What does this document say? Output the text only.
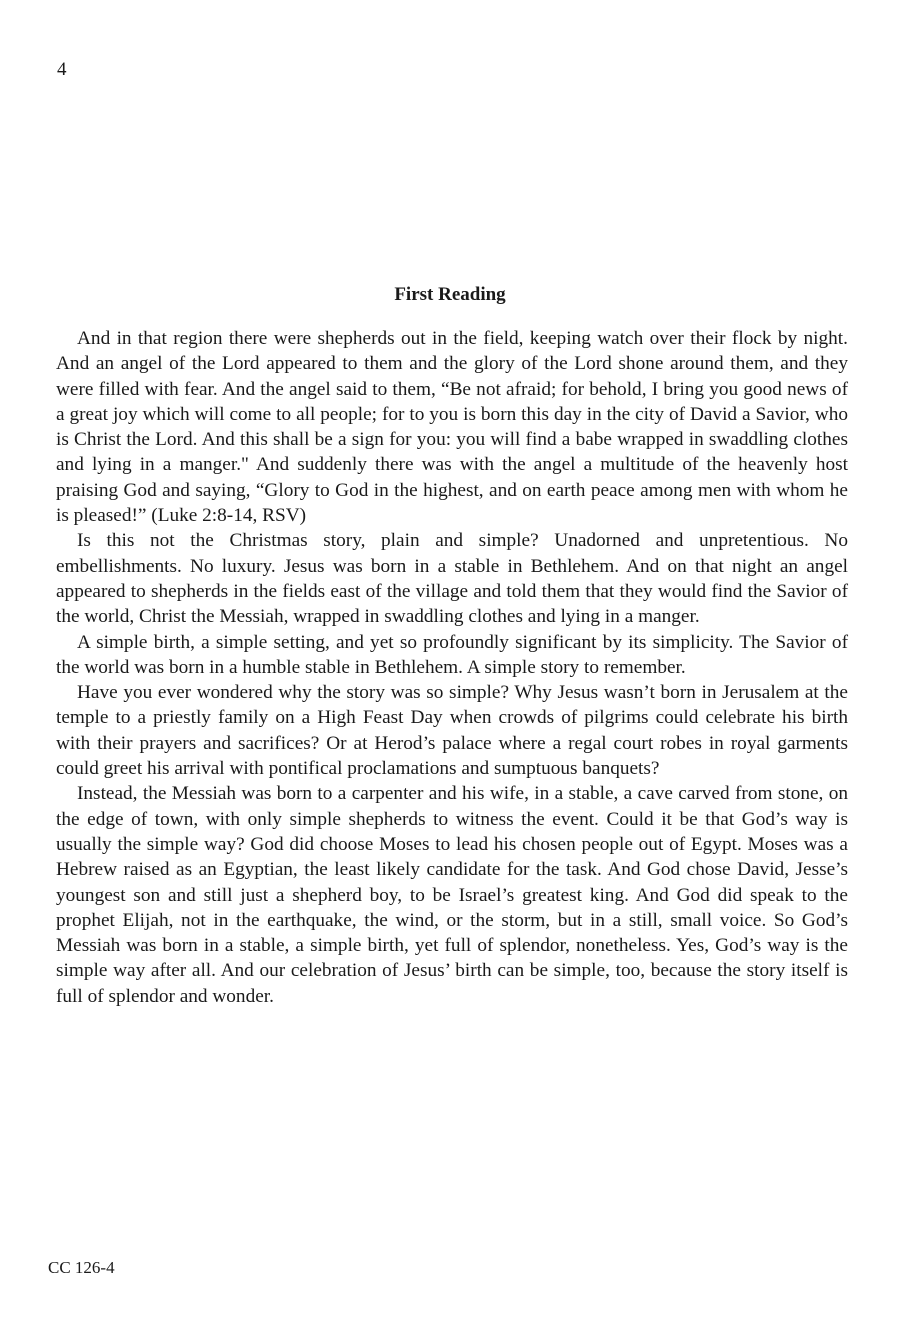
4
First Reading

And in that region there were shepherds out in the field, keeping watch over their flock by night. And an angel of the Lord appeared to them and the glory of the Lord shone around them, and they were filled with fear. And the angel said to them, “Be not afraid; for behold, I bring you good news of a great joy which will come to all people; for to you is born this day in the city of David a Savior, who is Christ the Lord. And this shall be a sign for you: you will find a babe wrapped in swaddling clothes and lying in a manger." And suddenly there was with the angel a multitude of the heavenly host praising God and saying, “Glory to God in the highest, and on earth peace among men with whom he is pleased!” (Luke 2:8-14, RSV)

Is this not the Christmas story, plain and simple? Unadorned and unpretentious. No embellishments. No luxury. Jesus was born in a stable in Bethlehem. And on that night an angel appeared to shepherds in the fields east of the village and told them that they would find the Savior of the world, Christ the Messiah, wrapped in swaddling clothes and lying in a manger.

A simple birth, a simple setting, and yet so profoundly significant by its simplicity. The Savior of the world was born in a humble stable in Bethlehem. A simple story to remember.

Have you ever wondered why the story was so simple? Why Jesus wasn’t born in Jerusalem at the temple to a priestly family on a High Feast Day when crowds of pilgrims could celebrate his birth with their prayers and sacrifices? Or at Herod’s palace where a regal court robes in royal garments could greet his arrival with pontifical proclamations and sumptuous banquets?

Instead, the Messiah was born to a carpenter and his wife, in a stable, a cave carved from stone, on the edge of town, with only simple shepherds to witness the event. Could it be that God’s way is usually the simple way? God did choose Moses to lead his chosen people out of Egypt. Moses was a Hebrew raised as an Egyptian, the least likely candidate for the task. And God chose David, Jesse’s youngest son and still just a shepherd boy, to be Israel’s greatest king. And God did speak to the prophet Elijah, not in the earthquake, the wind, or the storm, but in a still, small voice. So God’s Messiah was born in a stable, a simple birth, yet full of splendor, nonetheless. Yes, God’s way is the simple way after all. And our celebration of Jesus’ birth can be simple, too, because the story itself is full of splendor and wonder.

CC 126-4
